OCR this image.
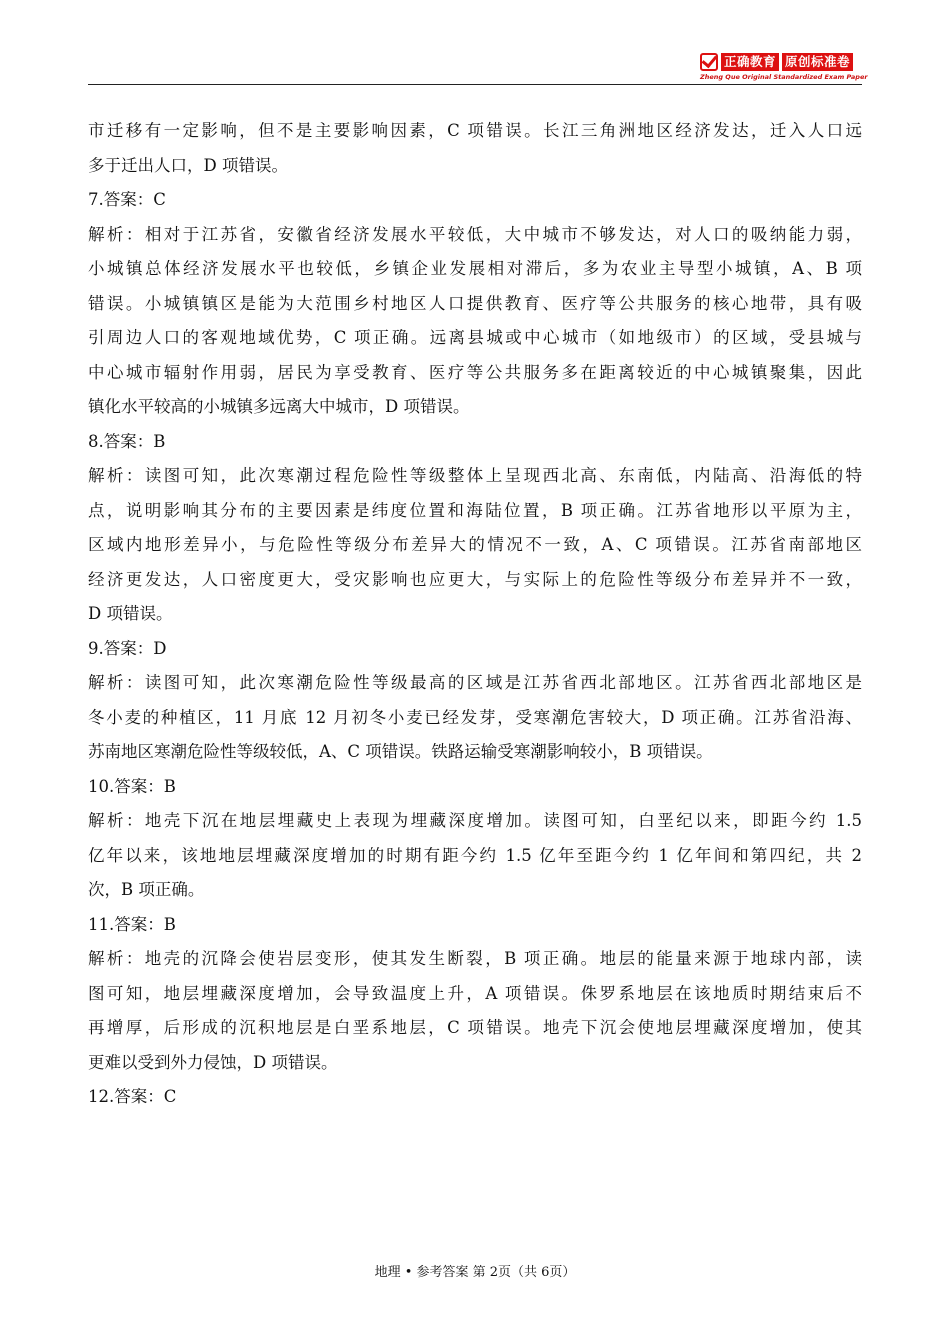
正确教育 原创标准卷
Zheng Que Original Standardized Exam Paper
市迁移有一定影响，但不是主要影响因素，C 项错误。长江三角洲地区经济发达，迁入人口远
多于迁出人口，D 项错误。
7.答案：C
解析：相对于江苏省，安徽省经济发展水平较低，大中城市不够发达，对人口的吸纳能力弱，
小城镇总体经济发展水平也较低，乡镇企业发展相对滞后，多为农业主导型小城镇，A、B 项
错误。小城镇镇区是能为大范围乡村地区人口提供教育、医疗等公共服务的核心地带，具有吸
引周边人口的客观地域优势，C 项正确。远离县城或中心城市（如地级市）的区域，受县城与
中心城市辐射作用弱，居民为享受教育、医疗等公共服务多在距离较近的中心城镇聚集，因此
镇化水平较高的小城镇多远离大中城市，D 项错误。
8.答案：B
解析：读图可知，此次寒潮过程危险性等级整体上呈现西北高、东南低，内陆高、沿海低的特
点，说明影响其分布的主要因素是纬度位置和海陆位置，B 项正确。江苏省地形以平原为主，
区域内地形差异小，与危险性等级分布差异大的情况不一致，A、C 项错误。江苏省南部地区
经济更发达，人口密度更大，受灾影响也应更大，与实际上的危险性等级分布差异并不一致，
D 项错误。
9.答案：D
解析：读图可知，此次寒潮危险性等级最高的区域是江苏省西北部地区。江苏省西北部地区是
冬小麦的种植区，11 月底 12 月初冬小麦已经发芽，受寒潮危害较大，D 项正确。江苏省沿海、
苏南地区寒潮危险性等级较低，A、C 项错误。铁路运输受寒潮影响较小，B 项错误。
10.答案：B
解析：地壳下沉在地层埋藏史上表现为埋藏深度增加。读图可知，白垩纪以来，即距今约 1.5
亿年以来，该地地层埋藏深度增加的时期有距今约 1.5 亿年至距今约 1 亿年间和第四纪，共 2
次，B 项正确。
11.答案：B
解析：地壳的沉降会使岩层变形，使其发生断裂，B 项正确。地层的能量来源于地球内部，读
图可知，地层埋藏深度增加，会导致温度上升，A 项错误。侏罗系地层在该地质时期结束后不
再增厚，后形成的沉积地层是白垩系地层，C 项错误。地壳下沉会使地层埋藏深度增加，使其
更难以受到外力侵蚀，D 项错误。
12.答案：C
地理 • 参考答案 第 2页（共 6页）
